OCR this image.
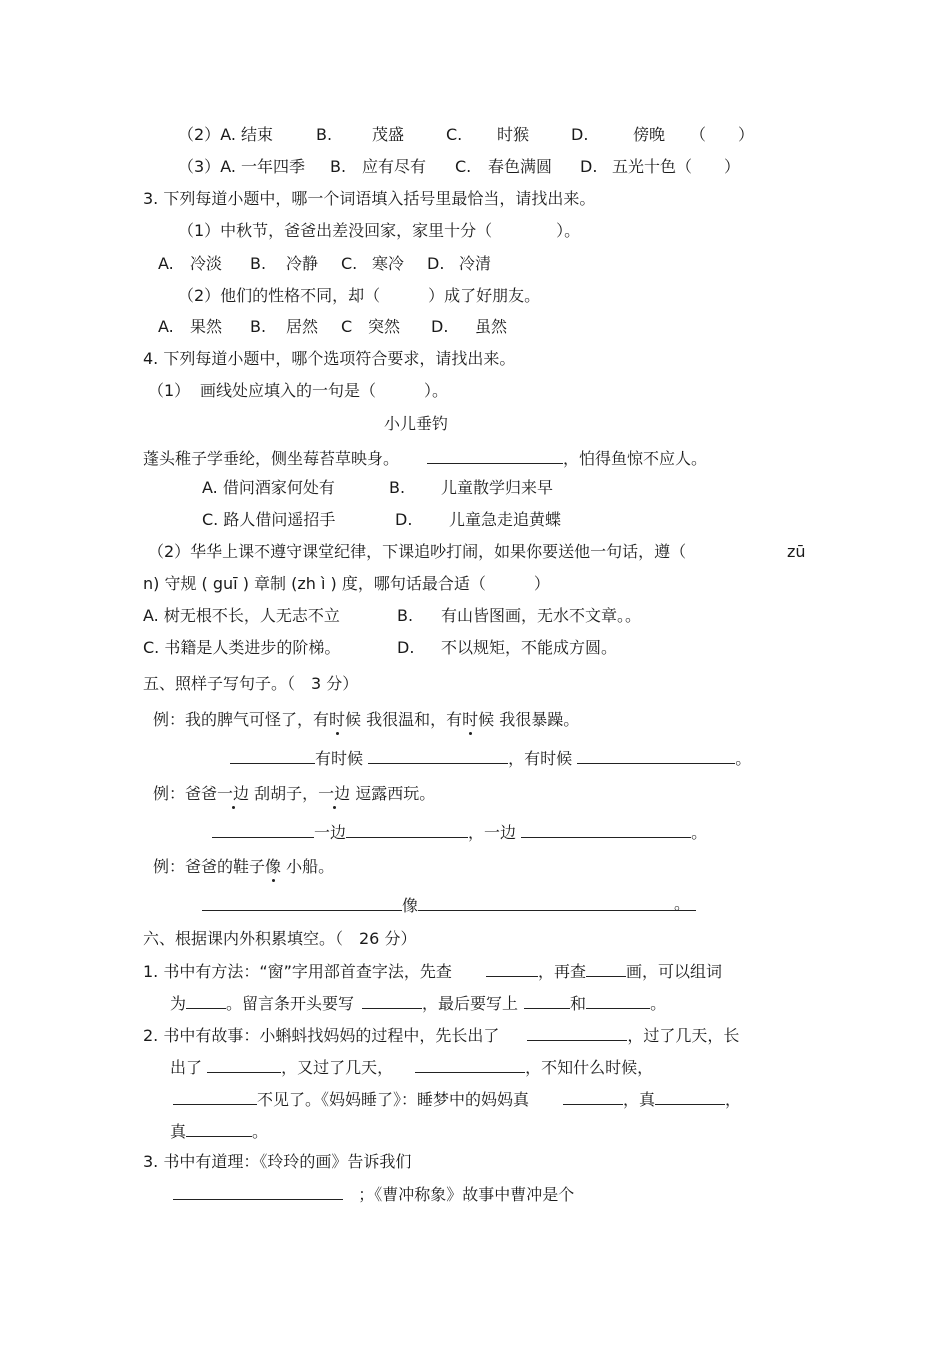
（2）A. 结束	B. 茂盛	C. 时猴	D.	傍晚 （　　）
（3）A. 一年四季 B. 应有尽有 C. 春色满圆 D. 五光十色（　　）
3. 下列每道小题中，哪一个词语填入括号里最恰当，请找出来。
（1）中秋节，爸爸出差没回家，家里十分（　　　　）。
A. 冷淡 B. 冷静 C. 寒冷 D. 冷清
（2）他们的性格不同，却（　　　）成了好朋友。
A. 果然 B. 居然 C 突然 D. 虽然
4. 下列每道小题中，哪个选项符合要求，请找出来。
（1） 画线处应填入的一句是（　　　）。
小儿垂钓
蓬头稚子学垂纶，侧坐莓苔草映身。	，怕得鱼惊不应人。
A. 借问酒家何处有	B. 儿童散学归来早
C. 路人借问遥招手	D. 儿童急走追黄蝶
（2）华华上课不遵守课堂纪律，下课追吵打闹，如果你要送他一句话，遵（	zū
n) 守规 ( guī ) 章制 (zh ì ) 度，哪句话最合适（　　　）
A. 树无根不长，人无志不立	B. 有山皆图画，无水不文章。。
C. 书籍是人类进步的阶梯。	D. 不以规矩，不能成方圆。
五、照样子写句子。（　3 分）
例：我的脾气可怪了，有时候 我很温和，有时候 我很暴躁。
有时候	，有时候	。
例：爸爸一边 刮胡子，一边 逗露西玩。
一边	，一边	。
例：爸爸的鞋子像 小船。
像	。
六、根据课内外积累填空。（　26 分）
1. 书中有方法：“窗”字用部首查字法，先查	，再查	画，可以组词
为	。留言条开头要写	，最后要写上	和	。
2. 书中有故事：小蝌蚪找妈妈的过程中，先长出了	，过了几天，长
出了	，又过了几天，	，不知什么时候，
不见了。《妈妈睡了》：睡梦中的妈妈真	，真	，
真	。
3. 书中有道理：《玲玲的画》告诉我们
；《曹冲称象》故事中曹冲是个
